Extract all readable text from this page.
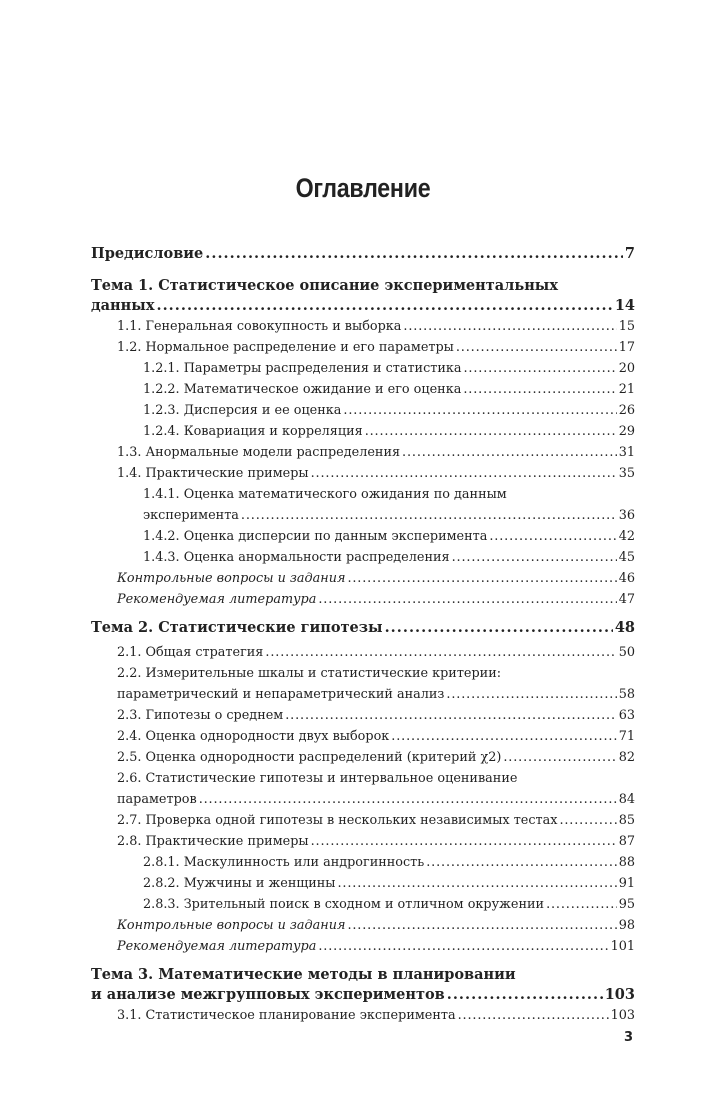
Оглавление
Предисловие . . .	7
Тема 1. Статистическое описание экспериментальных
данных . . .	14
1.1. Генеральная совокупность и выборка . . .	15
1.2. Нормальное распределение и его параметры . . .	17
1.2.1. Параметры распределения и статистика . . .	20
1.2.2. Математическое ожидание и его оценка . . .	21
1.2.3. Дисперсия и ее оценка . . .	26
1.2.4. Ковариация и корреляция . . .	29
1.3. Анормальные модели распределения . . .	31
1.4. Практические примеры . . .	35
1.4.1. Оценка математического ожидания по данным
эксперимента . . .	36
1.4.2. Оценка дисперсии по данным эксперимента . . .	42
1.4.3. Оценка анормальности распределения . . .	45
Контрольные вопросы и задания . . .	46
Рекомендуемая литература . . .	47
Тема 2. Статистические гипотезы . . .	48
2.1. Общая стратегия . . .	50
2.2. Измерительные шкалы и статистические критерии:
параметрический и непараметрический анализ . . .	58
2.3. Гипотезы о среднем . . .	63
2.4. Оценка однородности двух выборок . . .	71
2.5. Оценка однородности распределений (критерий χ2) . . .	82
2.6. Статистические гипотезы и интервальное оценивание
параметров . . .	84
2.7. Проверка одной гипотезы в нескольких независимых тестах . . .	85
2.8. Практические примеры . . .	87
2.8.1. Маскулинность или андрогинность . . .	88
2.8.2. Мужчины и женщины . . .	91
2.8.3. Зрительный поиск в сходном и отличном окружении . . .	95
Контрольные вопросы и задания . . .	98
Рекомендуемая литература . . .	101
Тема 3. Математические методы в планировании
и анализе межгрупповых экспериментов . . .	103
3.1. Статистическое планирование эксперимента . . .	103
3
